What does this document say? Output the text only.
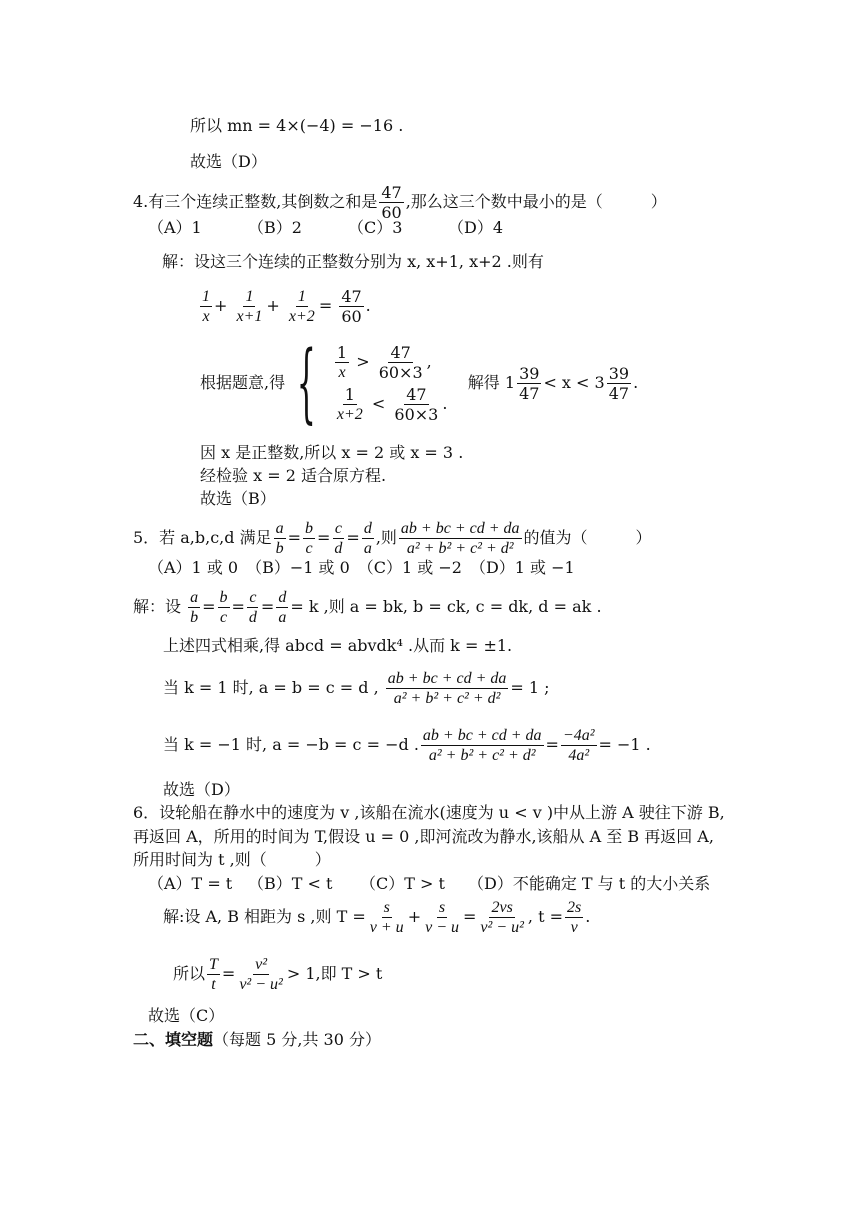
所以 mn = 4×(−4) = −16 .
故选（D）
4.有三个连续正整数,其倒数之和是 $\frac{47}{60}$ ,那么这三个数中最小的是（　　　）
（A）1	（B）2	（C）3	（D）4
解：设这三个连续的正整数分别为 x, x+1, x+2 .则有
$\frac{1}{x} + \frac{1}{x+1} + \frac{1}{x+2} = \frac{47}{60}$ .
根据题意,得 { $\frac{1}{x}$
>
$\frac{47}{60\times 3}$ ,
$\frac{1}{x+2}$
<
$\frac{47}{60\times 3}$ .
解得 $1 \frac{39}{47} < x < 3 \frac{39}{47}$ .
因 x 是正整数,所以 x = 2 或 x = 3 .
经检验 x = 2 适合原方程.
故选（B）
5．若 a,b,c,d 满足 $\frac{a}{b} = \frac{b}{c} = \frac{c}{d} = \frac{d}{a}$ ,则 $\frac{ab + bc + cd + da}{\text{a² + b² + c² + d²}}$ 的值为（　　　）
（A）1 或 0　（B）−1 或 0　（C）1 或 −2　（D）1 或 −1
解：设 $\frac{a}{b} = \frac{b}{c} = \frac{c}{d} = \frac{d}{a} = k$ ,则 a = bk, b = ck, c = dk, d = ak .
上述四式相乘,得 abcd = abvdk⁴ .从而 k = ±1.
当 k = 1 时, a = b = c = d , $\frac{ab + bc + cd + da}{\text{a² + b² + c² + d²}} = 1$ ;
当 k = −1 时, a = −b = c = −d . $\frac{ab + bc + cd + da}{\text{a² + b² + c² + d²}} = \frac{\text{−4a²}}{\text{4a²}} = -1$ .
故选（D）
6．设轮船在静水中的速度为 v ,该船在流水(速度为 u < v )中从上游 A 驶往下游 B,
再返回 A，所用的时间为 T,假设 u = 0 ,即河流改为静水,该船从 A 至 B 再返回 A,
所用时间为 t ,则（　　　）
（A）T = t （B）T < t （C）T > t （D）不能确定 T 与 t 的大小关系
解:设 A, B 相距为 s ,则 $T = \frac{s}{v + u} + \frac{s}{v - u} = \frac{2vs}{\text{v² − u²}}$ , $t = \frac{2s}{v}$ .
所以 $\frac{T}{t} = \frac{\text{v²}}{\text{v² − u²}} > 1$,即 T > t
故选（C）
二、填空题（每题 5 分,共 30 分）
